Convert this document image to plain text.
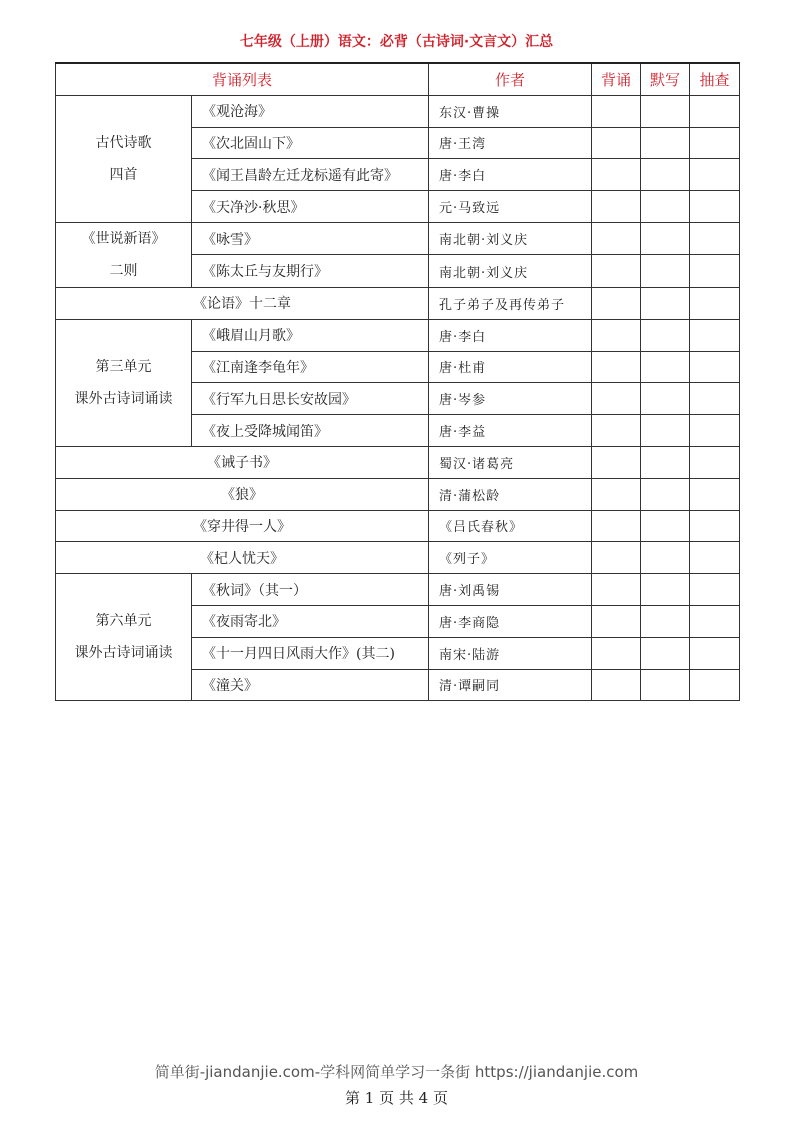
七年级（上册）语文：必背（古诗词·文言文）汇总
背诵列表		作者	背诵	默写	抽查

古代诗歌
四首	《观沧海》	东汉·曹操			
	《次北固山下》	唐·王湾			
	《闻王昌龄左迁龙标遥有此寄》	唐·李白			
	《天净沙·秋思》	元·马致远			

《世说新语》
二则	《咏雪》	南北朝·刘义庆			
	《陈太丘与友期行》	南北朝·刘义庆			
《论语》十二章		孔子弟子及再传弟子			

第三单元
课外古诗词诵读	《峨眉山月歌》	唐·李白			
	《江南逢李龟年》	唐·杜甫			
	《行军九日思长安故园》	唐·岑参			
	《夜上受降城闻笛》	唐·李益			
《诫子书》		蜀汉·诸葛亮			
《狼》		清·蒲松龄			
《穿井得一人》		《吕氏春秋》			
《杞人忧天》		《列子》			

第六单元
课外古诗词诵读	《秋词》（其一）	唐·刘禹锡			
	《夜雨寄北》	唐·李商隐			
	《十一月四日风雨大作》(其二)	南宋·陆游			
	《潼关》	清·谭嗣同			
简单街-jiandanjie.com-学科网简单学习一条街 https://jiandanjie.com
第 1 页 共 4 页
